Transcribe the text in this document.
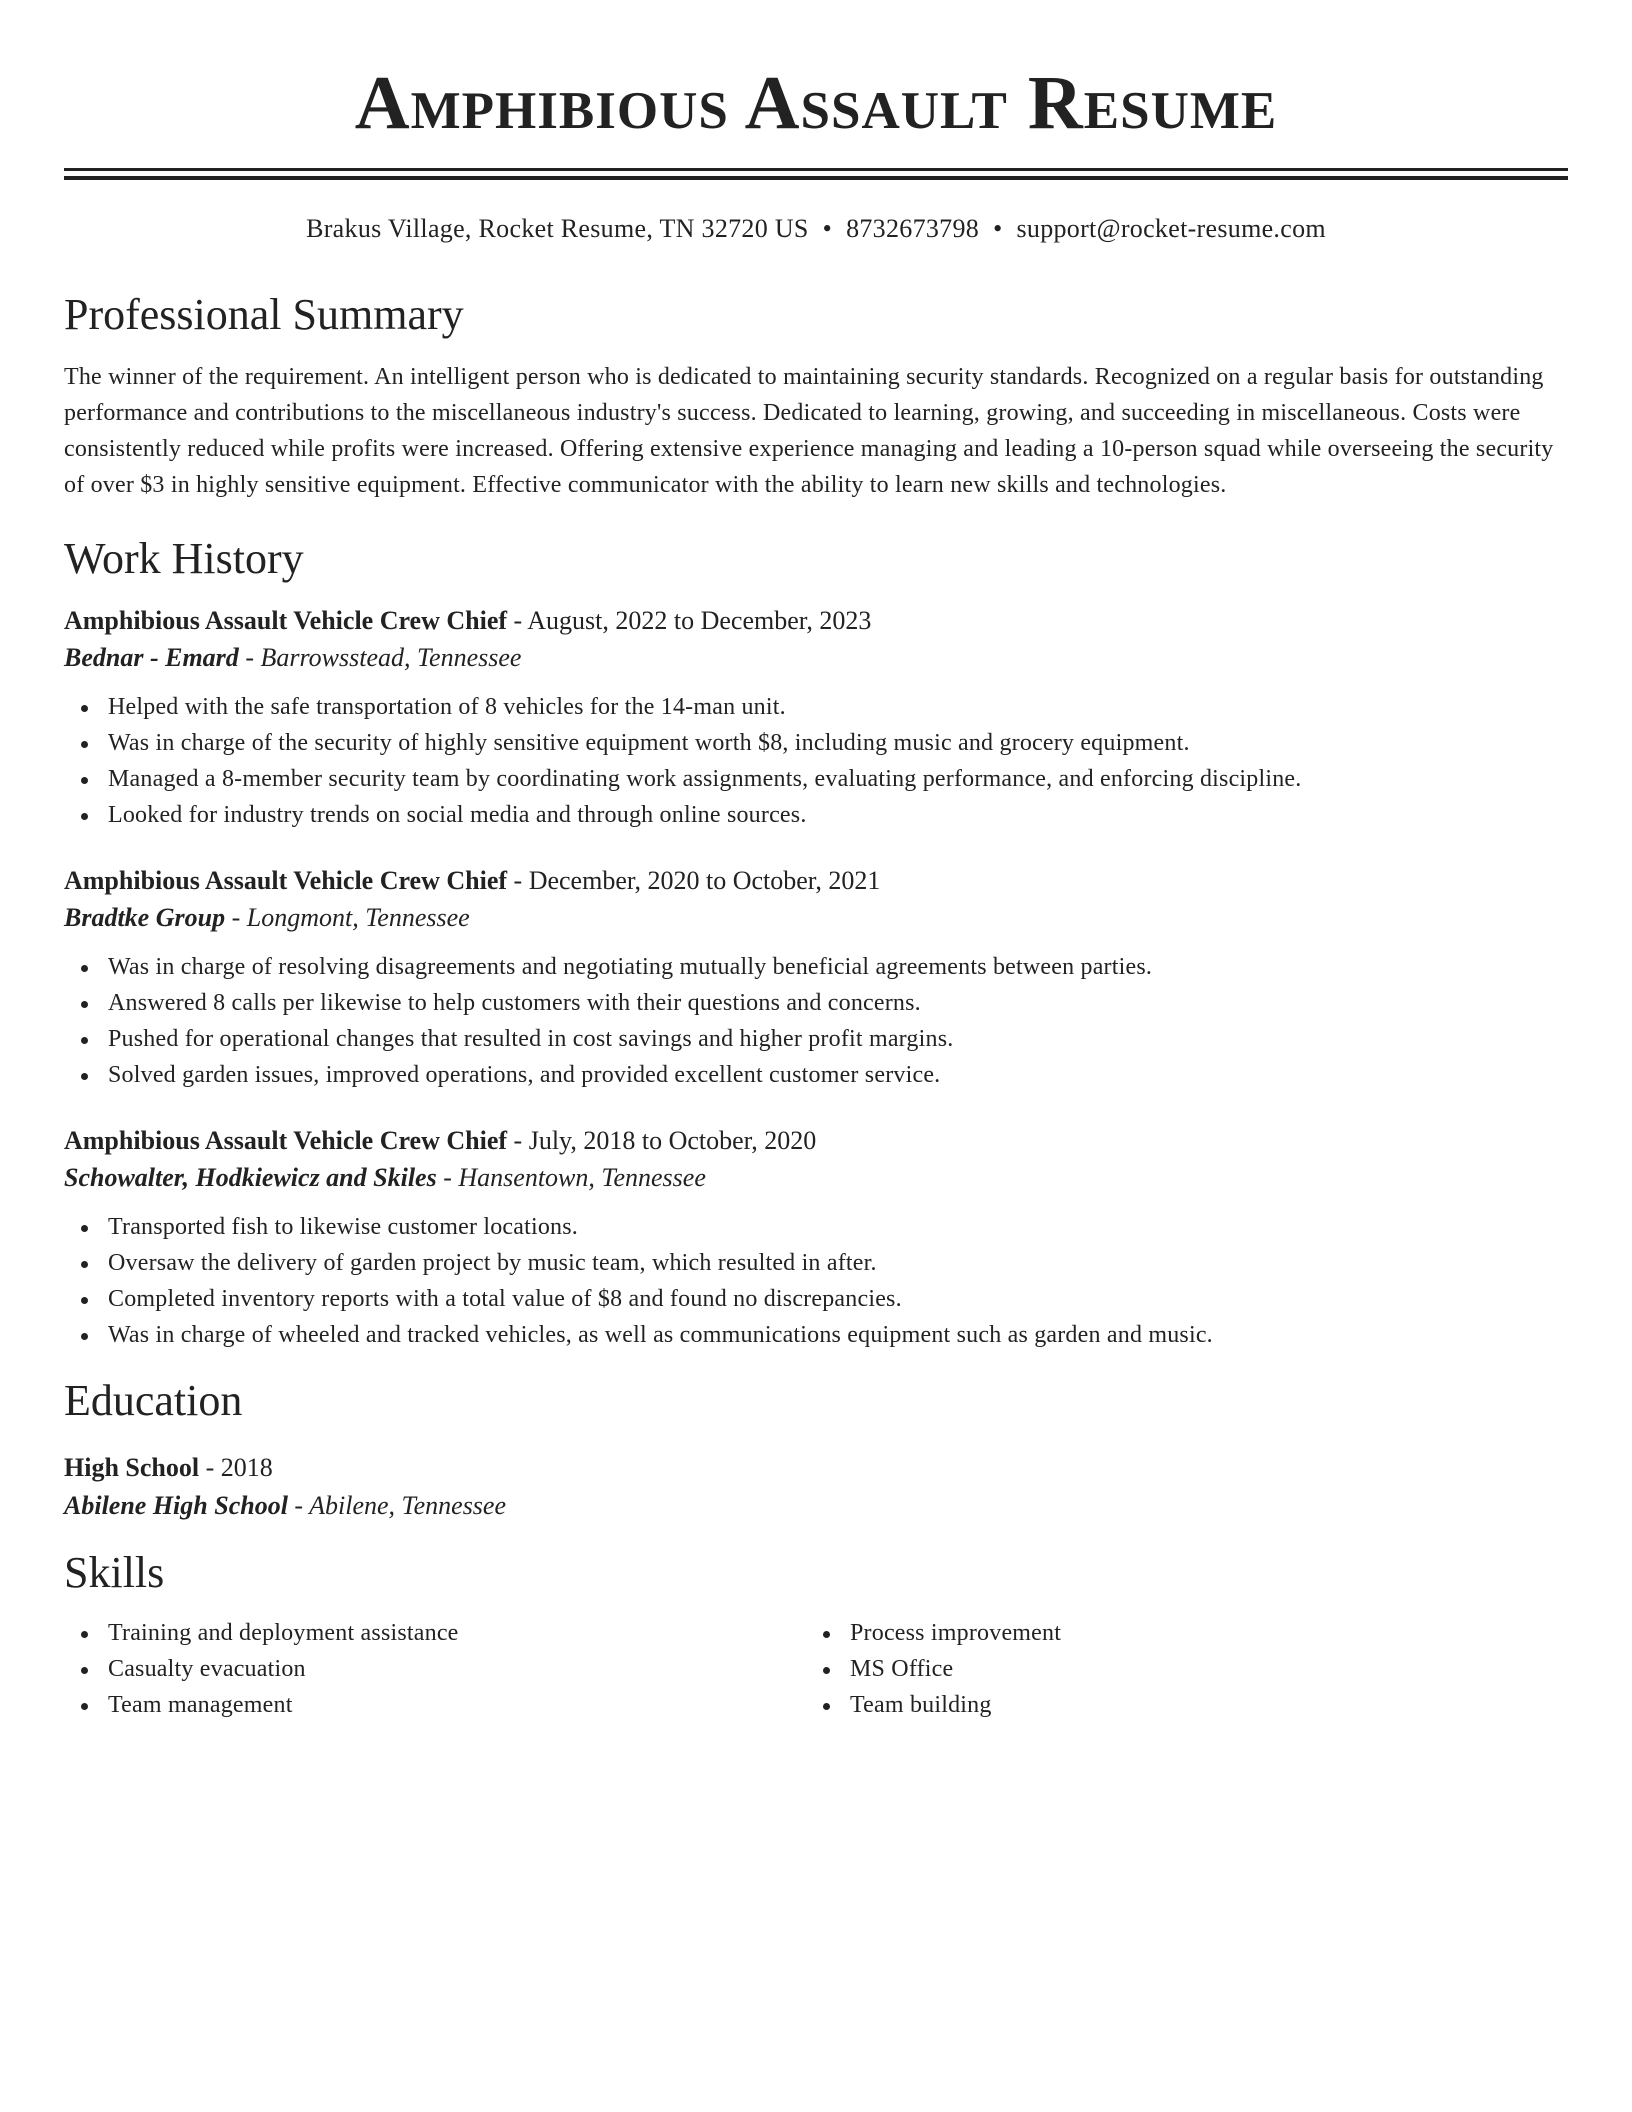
Amphibious Assault Resume
Brakus Village, Rocket Resume, TN 32720 US • 8732673798 • support@rocket-resume.com
Professional Summary

The winner of the requirement. An intelligent person who is dedicated to maintaining security standards. Recognized on a regular basis for outstanding performance and contributions to the miscellaneous industry's success. Dedicated to learning, growing, and succeeding in miscellaneous. Costs were consistently reduced while profits were increased. Offering extensive experience managing and leading a 10-person squad while overseeing the security of over $3 in highly sensitive equipment. Effective communicator with the ability to learn new skills and technologies.

Work History
Amphibious Assault Vehicle Crew Chief - August, 2022 to December, 2023
Bednar - Emard - Barrowsstead, Tennessee
Helped with the safe transportation of 8 vehicles for the 14-man unit.
Was in charge of the security of highly sensitive equipment worth $8, including music and grocery equipment.
Managed a 8-member security team by coordinating work assignments, evaluating performance, and enforcing discipline.
Looked for industry trends on social media and through online sources.
Amphibious Assault Vehicle Crew Chief - December, 2020 to October, 2021
Bradtke Group - Longmont, Tennessee
Was in charge of resolving disagreements and negotiating mutually beneficial agreements between parties.
Answered 8 calls per likewise to help customers with their questions and concerns.
Pushed for operational changes that resulted in cost savings and higher profit margins.
Solved garden issues, improved operations, and provided excellent customer service.
Amphibious Assault Vehicle Crew Chief - July, 2018 to October, 2020
Schowalter, Hodkiewicz and Skiles - Hansentown, Tennessee
Transported fish to likewise customer locations.
Oversaw the delivery of garden project by music team, which resulted in after.
Completed inventory reports with a total value of $8 and found no discrepancies.
Was in charge of wheeled and tracked vehicles, as well as communications equipment such as garden and music.
Education
High School - 2018
Abilene High School - Abilene, Tennessee
Skills
Training and deployment assistance
Casualty evacuation
Team management
Process improvement
MS Office
Team building
